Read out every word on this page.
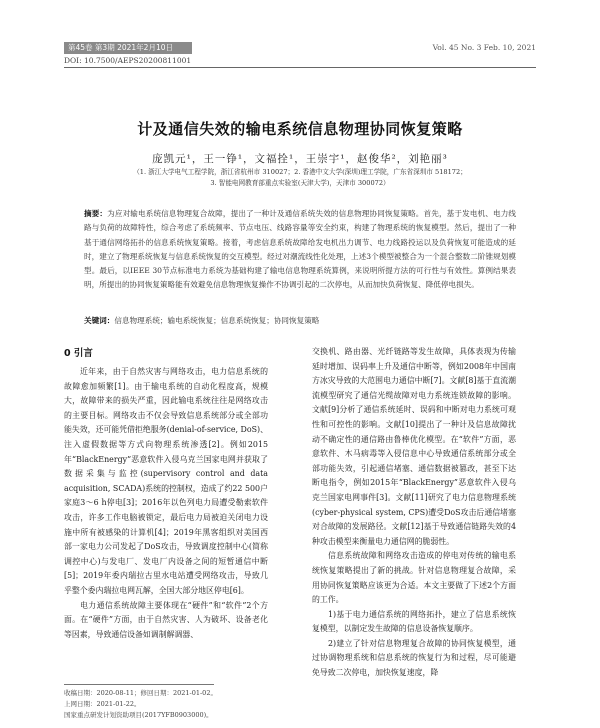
第45卷 第3期 2021年2月10日	Vol. 45 No. 3 Feb. 10, 2021
DOI: 10.7500/AEPS20200811001
计及通信失效的输电系统信息物理协同恢复策略
庞凯元¹，王一铮¹，文福拴¹，王崇宇¹，赵俊华²，刘艳丽³
（1. 浙江大学电气工程学院，浙江省杭州市 310027；2. 香港中文大学(深圳)理工学院，广东省深圳市 518172；
3. 智能电网教育部重点实验室(天津大学)，天津市 300072）
摘要：为应对输电系统信息物理复合故障，提出了一种计及通信系统失效的信息物理协同恢复策略。首先，基于发电机、电力线路与负荷的故障特性，综合考虑了系统频率、节点电压、线路容量等安全约束，构建了物理系统的恢复模型。然后，提出了一种基于通信网络拓扑的信息系统恢复策略。接着，考虑信息系统故障给发电机出力调节、电力线路投运以及负荷恢复可能造成的延时，建立了物理系统恢复与信息系统恢复的交互模型。经过对潮流线性化处理，上述3个模型被整合为一个混合整数二阶锥规划模型。最后，以IEEE 30节点标准电力系统为基础构建了输电信息物理系统算例，来说明所提方法的可行性与有效性。算例结果表明，所提出的协同恢复策略能有效避免信息物理恢复操作不协调引起的二次停电，从而加快负荷恢复、降低停电损失。
关键词：信息物理系统；输电系统恢复；信息系统恢复；协同恢复策略
0 引言

近年来，由于自然灾害与网络攻击，电力信息系统的故障愈加频繁[1]。由于输电系统的自动化程度高，规模大，故障带来的损失严重，因此输电系统往往是网络攻击的主要目标。网络攻击不仅会导致信息系统部分或全部功能失效，还可能凭借拒绝服务(denial-of-service, DoS)、注入虚假数据等方式向物理系统渗透[2]。例如2015年“BlackEnergy”恶意软件入侵乌克兰国家电网并获取了数据采集与监控(supervisory control and data acquisition, SCADA)系统的控制权，造成了约22 500户家庭3～6 h停电[3]；2016年以色列电力局遭受勒索软件攻击，许多工作电脑被锁定，最后电力局被迫关闭电力设施中所有被感染的计算机[4]；2019年黑客组织对美国西部一家电力公司发起了DoS攻击，导致调度控制中心(简称调控中心)与发电厂、发电厂内设备之间的短暂通信中断[5]；2019年委内瑞拉古里水电站遭受网络攻击，导致几乎整个委内瑞拉电网瓦解，全国大部分地区停电[6]。

电力通信系统故障主要体现在“硬件”和“软件”2个方面。在“硬件”方面，由于自然灾害、人为破坏、设备老化等因素，导致通信设备如调制解调器、

交换机、路由器、光纤链路等发生故障，具体表现为传输延时增加、误码率上升及通信中断等，例如2008年中国南方冰灾导致的大范围电力通信中断[7]。文献[8]基于直流潮流模型研究了通信光缆故障对电力系统连锁故障的影响。文献[9]分析了通信系统延时、误码和中断对电力系统可观性和可控性的影响。文献[10]提出了一种计及信息故障扰动不确定性的通信路由鲁棒优化模型。在“软件”方面，恶意软件、木马病毒等入侵信息中心导致通信系统部分或全部功能失效，引起通信堵塞、通信数据被篡改，甚至下达断电指令，例如2015年“BlackEnergy”恶意软件入侵乌克兰国家电网事件[3]。文献[11]研究了电力信息物理系统(cyber-physical system, CPS)遭受DoS攻击后通信堵塞对合故障的发展路径。文献[12]基于导致通信链路失效的4种攻击模型来衡量电力通信网的脆弱性。

信息系统故障和网络攻击造成的停电对传统的输电系统恢复策略提出了新的挑战。针对信息物理复合故障，采用协同恢复策略应该更为合适。本文主要做了下述2个方面的工作。

1)基于电力通信系统的网络拓扑，建立了信息系统恢复模型，以制定发生故障的信息设备恢复顺序。

2)建立了针对信息物理复合故障的协同恢复模型，通过协调物理系统和信息系统的恢复行为和过程，尽可能避免导致二次停电，加快恢复速度，降

收稿日期：2020-08-11；修回日期：2021-01-02。
上网日期：2021-01-22。
国家重点研发计划资助项目(2017YFB0903000)。
